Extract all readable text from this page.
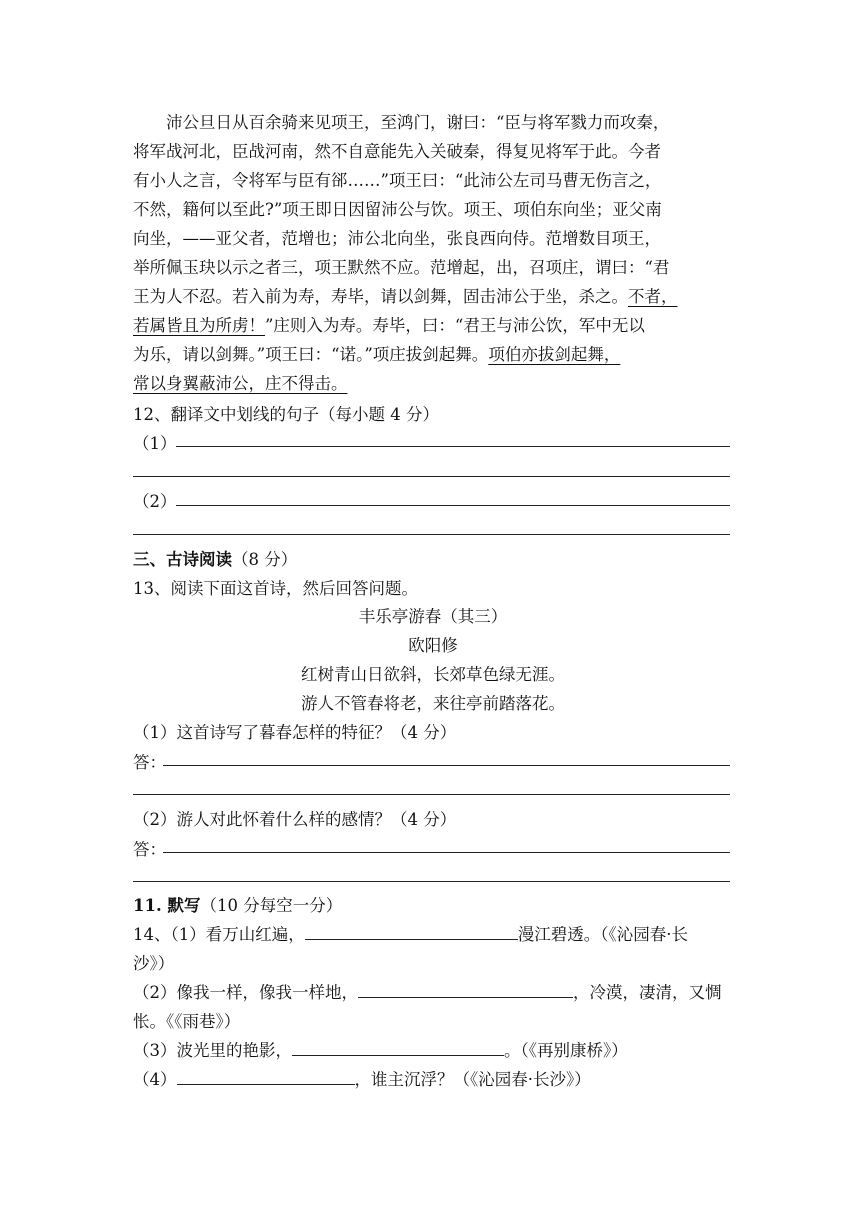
沛公旦日从百余骑来见项王，至鸿门，谢曰：“臣与将军戮力而攻秦，
将军战河北，臣战河南，然不自意能先入关破秦，得复见将军于此。今者
有小人之言，令将军与臣有郤……”项王曰：“此沛公左司马曹无伤言之，
不然，籍何以至此?”项王即日因留沛公与饮。项王、项伯东向坐；亚父南
向坐，——亚父者，范增也；沛公北向坐，张良西向侍。范增数目项王，
举所佩玉玦以示之者三，项王默然不应。范增起，出，召项庄，谓曰：“君
王为人不忍。若入前为寿，寿毕，请以剑舞，固击沛公于坐，杀之。不者，
若属皆且为所虏！”庄则入为寿。寿毕，曰：“君王与沛公饮，军中无以
为乐，请以剑舞。”项王曰：“诺。”项庄拔剑起舞。项伯亦拔剑起舞，
常以身翼蔽沛公，庄不得击。
12、翻译文中划线的句子（每小题 4 分）
（1）
（2）
三、古诗阅读（8 分）
13、阅读下面这首诗，然后回答问题。
丰乐亭游春（其三）
欧阳修
红树青山日欲斜，长郊草色绿无涯。
游人不管春将老，来往亭前踏落花。
（1）这首诗写了暮春怎样的特征？（4 分）
答：
（2）游人对此怀着什么样的感情？（4 分）
答：
11. 默写（10 分每空一分）
14、（1）看万山红遍，	漫江碧透。（《沁园春·长
沙》）
（2）像我一样，像我一样地，	，冷漠，凄清，又惆
怅。《《雨巷》）
（3）波光里的艳影，	。（《再别康桥》）
（4）	，谁主沉浮？（《沁园春·长沙》）
